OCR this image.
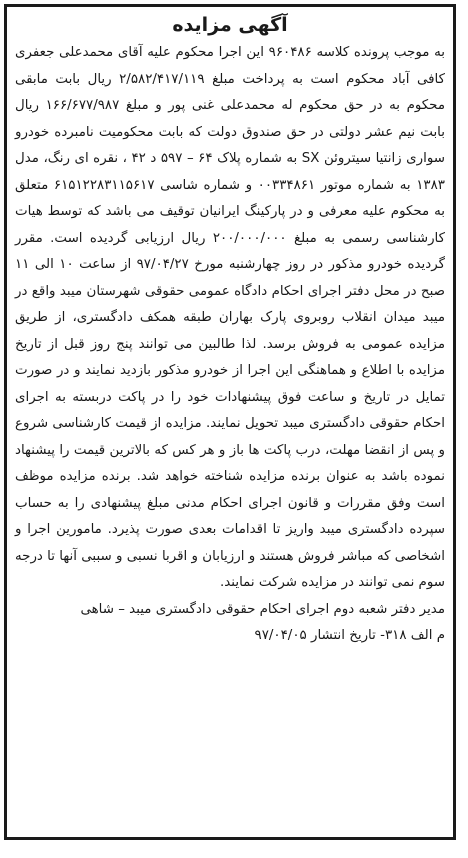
آگهی مزایده

به موجب پرونده کلاسه ۹۶۰۴۸۶ این اجرا محکوم علیه آقای محمدعلی جعفری کافی آباد محکوم است به پرداخت مبلغ ۲/۵۸۲/۴۱۷/۱۱۹ ریال بابت مابقی محکوم به در حق محکوم له محمدعلی غنی پور و مبلغ ۱۶۶/۶۷۷/۹۸۷ ریال بابت نیم عشر دولتی در حق صندوق دولت که بابت محکومیت نامبرده خودرو سواری زانتیا سیتروئن SX به شماره پلاک ۶۴ – ۵۹۷ د ۴۲ ، نقره ای رنگ، مدل ۱۳۸۳ به شماره موتور ۰۰۳۳۴۸۶۱ و شماره شاسی ۶۱۵۱۲۲۸۳۱۱۵۶۱۷ متعلق به محکوم علیه معرفی و در پارکینگ ایرانیان توقیف می باشد که توسط هیات کارشناسی رسمی به مبلغ ۲۰۰/۰۰۰/۰۰۰ ریال ارزیابی گردیده است. مقرر گردیده خودرو مذکور در روز چهارشنبه مورخ ۹۷/۰۴/۲۷ از ساعت ۱۰ الی ۱۱ صبح در محل دفتر اجرای احکام دادگاه عمومی حقوقی شهرستان میبد واقع در میبد میدان انقلاب روبروی پارک بهاران طبقه همکف دادگستری، از طریق مزایده عمومی به فروش برسد. لذا طالبین می توانند پنج روز قبل از تاریخ مزایده با اطلاع و هماهنگی این اجرا از خودرو مذکور بازدید نمایند و در صورت تمایل در تاریخ و ساعت فوق پیشنهادات خود را در پاکت دربسته به اجرای احکام حقوقی دادگستری میبد تحویل نمایند. مزایده از قیمت کارشناسی شروع و پس از انقضا مهلت، درب پاکت ها باز و هر کس که بالاترین قیمت را پیشنهاد نموده باشد به عنوان برنده مزایده شناخته خواهد شد. برنده مزایده موظف است وفق مقررات و قانون اجرای احکام مدنی مبلغ پیشنهادی را به حساب سپرده دادگستری میبد واریز تا اقدامات بعدی صورت پذیرد. مامورین اجرا و اشخاصی که مباشر فروش هستند و ارزیابان و اقربا نسبی و سببی آنها تا درجه سوم نمی توانند در مزایده شرکت نمایند.

مدیر دفتر شعبه دوم اجرای احکام حقوقی دادگستری میبد – شاهی

م الف ۳۱۸- تاریخ انتشار ۹۷/۰۴/۰۵
